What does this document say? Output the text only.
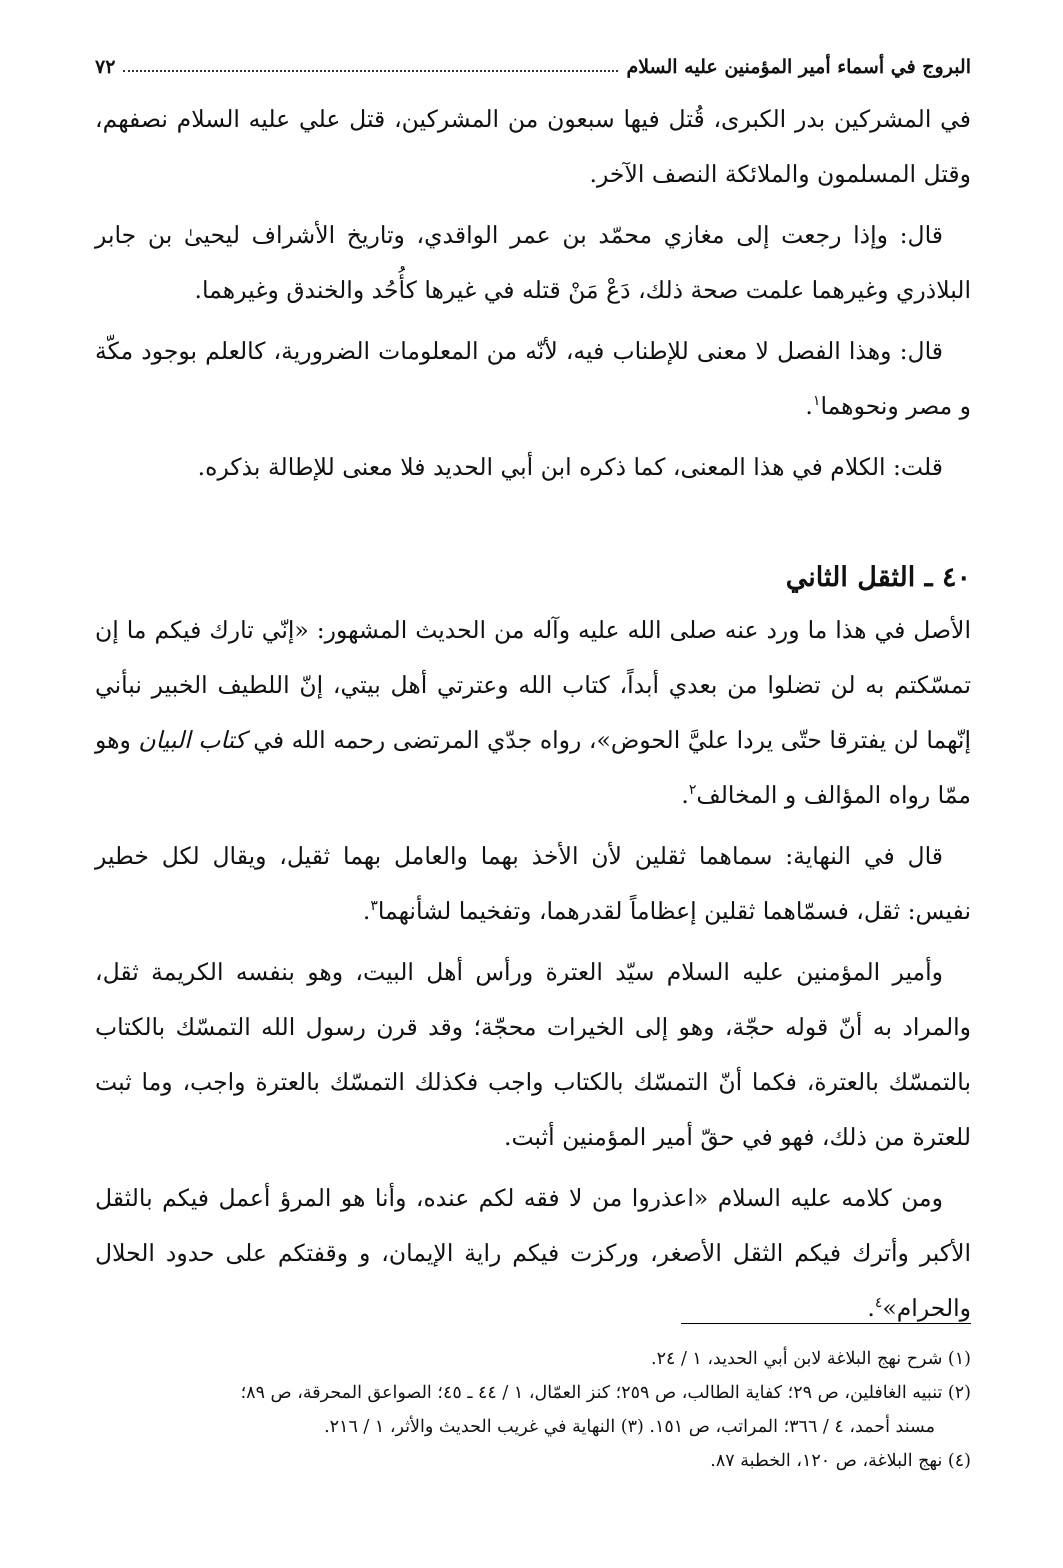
البروج في أسماء أمير المؤمنين عليه السلام
٧٢

في المشركين بدر الكبرى، قُتل فيها سبعون من المشركين، قتل علي عليه السلام نصفهم، وقتل المسلمون والملائكة النصف الآخر.

قال: وإذا رجعت إلى مغازي محمّد بن عمر الواقدي، وتاريخ الأشراف ليحيىٰ بن جابر البلاذري وغيرهما علمت صحة ذلك، دَعْ مَنْ قتله في غيرها كأُحُد والخندق وغيرهما.

قال: وهذا الفصل لا معنى للإطناب فيه، لأنّه من المعلومات الضرورية، كالعلم بوجود مكّة و مصر ونحوهما$^١$.

قلت: الكلام في هذا المعنى، كما ذكره ابن أبي الحديد فلا معنى للإطالة بذكره.

٤٠ ـ الثقل الثاني

الأصل في هذا ما ورد عنه صلى الله عليه وآله من الحديث المشهور: «إنّي تارك فيكم ما إن تمسّكتم به لن تضلوا من بعدي أبداً، كتاب الله وعترتي أهل بيتي، إنّ اللطيف الخبير نبأني إنّهما لن يفترقا حتّى يردا عليَّ الحوض»، رواه جدّي المرتضى رحمه الله في كتاب البيان وهو ممّا رواه المؤالف و المخالف$^٢$.

قال في النهاية: سماهما ثقلين لأن الأخذ بهما والعامل بهما ثقيل، ويقال لكل خطير نفيس: ثقل، فسمّاهما ثقلين إعظاماً لقدرهما، وتفخيما لشأنهما$^٣$.

وأمير المؤمنين عليه السلام سيّد العترة ورأس أهل البيت، وهو بنفسه الكريمة ثقل، والمراد به أنّ قوله حجّة، وهو إلى الخيرات محجّة؛ وقد قرن رسول الله التمسّك بالكتاب بالتمسّك بالعترة، فكما أنّ التمسّك بالكتاب واجب فكذلك التمسّك بالعترة واجب، وما ثبت للعترة من ذلك، فهو في حقّ أمير المؤمنين أثبت.

ومن كلامه عليه السلام «اعذروا من لا فقه لكم عنده، وأنا هو المرؤ أعمل فيكم بالثقل الأكبر وأترك فيكم الثقل الأصغر، وركزت فيكم راية الإيمان، و وقفتكم على حدود الحلال والحرام»$^٤$.

(١) شرح نهج البلاغة لابن أبي الحديد، ١ / ٢٤.

(٢) تنبيه الغافلين، ص ٢٩؛ كفاية الطالب، ص ٢٥٩؛ كنز العمّال، ١ / ٤٤ ـ ٤٥؛ الصواعق المحرقة، ص ٨٩؛

مسند أحمد، ٤ / ٣٦٦؛ المراتب، ص ١٥١. (٣) النهاية في غريب الحديث والأثر، ١ / ٢١٦.

(٤) نهج البلاغة، ص ١٢٠، الخطبة ٨٧.
